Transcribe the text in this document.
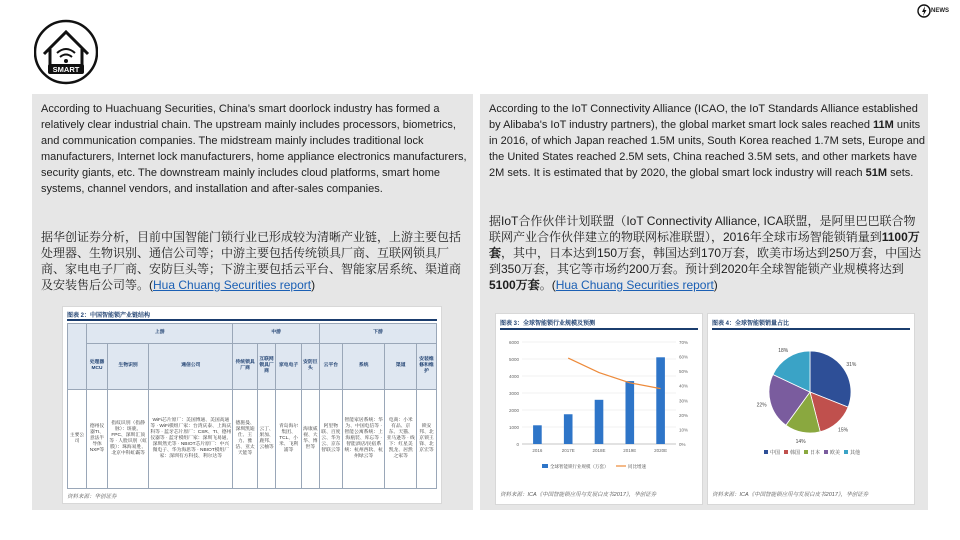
SMART
NEWS
According to Huachuang Securities, China’s smart doorlock industry has formed a relatively clear industrial chain. The upstream mainly includes processors, biometrics, and communication companies. The midstream mainly includes traditional lock manufacturers, Internet lock manufacturers, home appliance electronics manufacturers, security giants, etc. The downstream mainly includes cloud platforms, smart home systems, channel vendors, and installation and after-sales companies.
据华创证券分析，目前中国智能门锁行业已形成较为清晰产业链，上游主要包括处理器、生物识别、通信公司等；中游主要包括传统锁具厂商、互联网锁具厂商、家电电子厂商、安防巨头等；下游主要包括云平台、智能家居系统、渠道商及安装售后公司等。(Hua Chuang Securities report)
图表 2：中国智能锁产业链结构
	上游			中游				下游			
	处理器MCU	生物识别	通信公司	传统锁具厂商	互联网锁具厂商	家电电子	安防巨头	云平台	系统	渠道	安装维修和维护
主要公司	德州仪器TI、意法半导体NXP等	指纹识别（指静脉）：斑鹿、FPC、深圳汇顶等 · 人脸识别（虹膜）：珠海易胜、北京中科虹霸等	WiFi芯片原厂：美国博通、美国高通等 · WiFi模组厂家：台湾庆泰、上海庆科等 · 蓝牙芯片原厂：CSR、TI、德州仪器等 · 蓝牙模组厂家：深圳飞易通、深圳然光等 · NBIOT芯片原厂：中兴微电子、华为海思等 · NBIOT模组厂家：深圳有方科技、利尔达等	德施曼、深圳凯迪仕、王力、雅洁、亚太天能等	云丁、果加、鹿邦、云柚等	青岛海尔集团、TCL、小米、飞利浦等	海康威视、大华、博世等	阿里物联、百度云、华为云、京东智联云等	智能家居系统：华为、中国电信等 · 智能公寓系统：上海瓶装、库忘等 · 智能酒店/民宿系统：杭州西软、杭州绿云等	电商：小米有品、京东、天猫、亚马逊等 · 线下：红星美凯龙、居然之家等	锁安邦、北京锁王锋、北京宏等
资料来源：华创证券
According to the IoT Connectivity Alliance (ICAO, the IoT Standards Alliance established by Alibaba's IoT industry partners), the global market smart lock sales reached 11M units in 2016, of which Japan reached 1.5M units, South Korea reached 1.7M sets, Europe and the United States reached 2.5M sets, China reached 3.5M sets, and other markets have 2M sets. It is estimated that by 2020, the global smart lock industry will reach 51M sets.
据IoT合作伙伴计划联盟（IoT Connectivity Alliance, ICA联盟，是阿里巴巴联合物联网产业合作伙伴建立的物联网标准联盟），2016年全球市场智能锁销量到1100万套，其中，日本达到150万套，韩国达到170万套，欧美市场达到250万套，中国达到350万套，其它等市场约200万套。预计到2020年全球智能锁产业规模将达到5100万套。(Hua Chuang Securities report)
图表 3：全球智能锁行业规模及预测
0
1000
2000
3000
4000
5000
6000
0%
10%
20%
30%
40%
50%
60%
70%
2016	2017E	2018E	2019E	2020E
全球智能锁行业规模（万套）	同比增速
资料来源：ICA《中国智能锁应用与发展白皮书2017》，华创证券
图表 4：全球智能锁销量占比
31%
15%
14%
22%
18%
中国 韩国 日本 欧美 其他
资料来源：ICA《中国智能锁应用与发展白皮书2017》，华创证券
